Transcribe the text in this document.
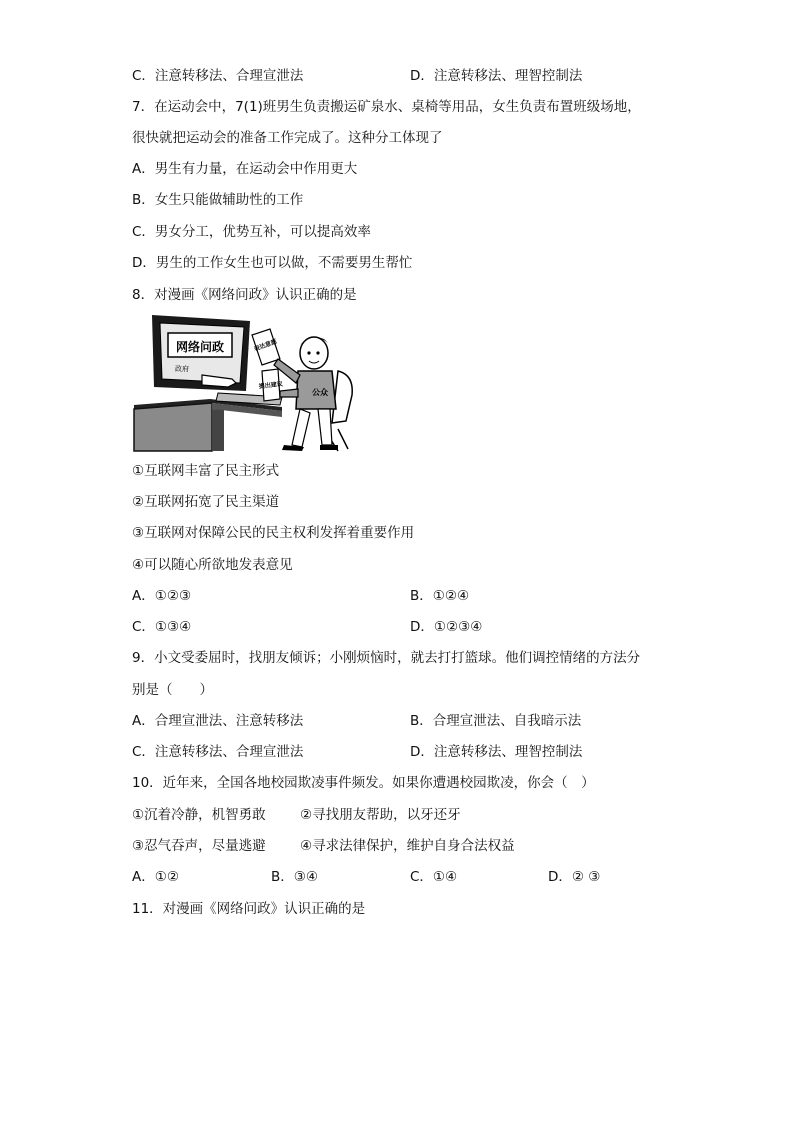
C．注意转移法、合理宣泄法	D．注意转移法、理智控制法
7．在运动会中，7(1)班男生负责搬运矿泉水、桌椅等用品，女生负责布置班级场地，
很快就把运动会的准备工作完成了。这种分工体现了
A．男生有力量，在运动会中作用更大
B．女生只能做辅助性的工作
C．男女分工，优势互补，可以提高效率
D．男生的工作女生也可以做，不需要男生帮忙
8．对漫画《网络问政》认识正确的是
网络问政
政府
表达意愿
提出建议
公众
①互联网丰富了民主形式
②互联网拓宽了民主渠道
③互联网对保障公民的民主权利发挥着重要作用
④可以随心所欲地发表意见
A．①②③	B．①②④
C．①③④	D．①②③④
9．小文受委屈时，找朋友倾诉；小刚烦恼时，就去打打篮球。他们调控情绪的方法分
别是（　　）
A．合理宣泄法、注意转移法	B．合理宣泄法、自我暗示法
C．注意转移法、合理宣泄法	D．注意转移法、理智控制法
10．近年来，全国各地校园欺凌事件频发。如果你遭遇校园欺凌，你会（　）
①沉着冷静，机智勇敢	②寻找朋友帮助，以牙还牙
③忍气吞声，尽量逃避	④寻求法律保护，维护自身合法权益
A．①②	B．③④	C．①④	D．② ③
11．对漫画《网络问政》认识正确的是
